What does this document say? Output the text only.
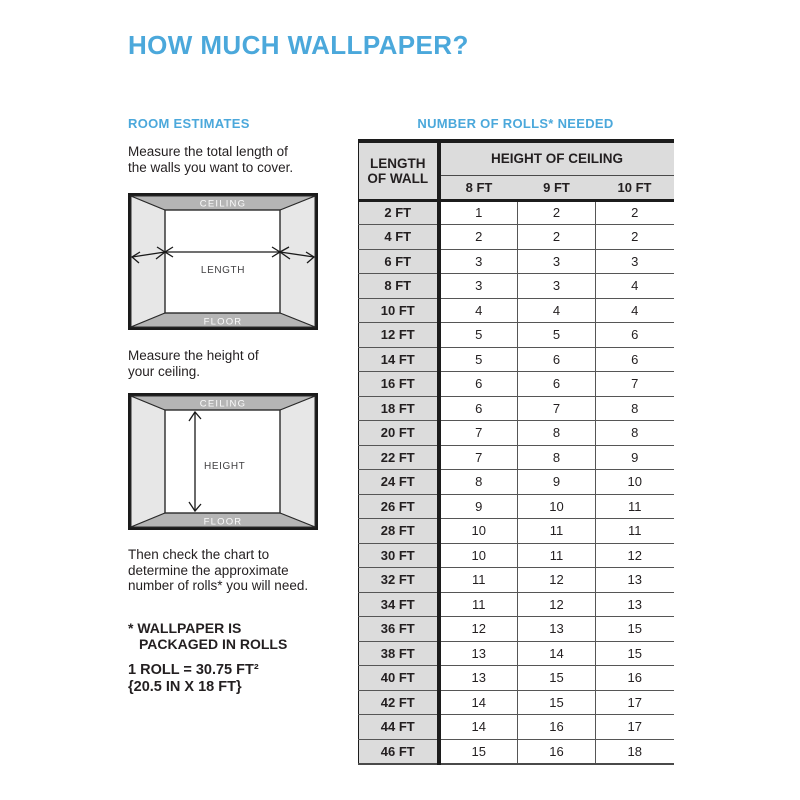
HOW MUCH WALLPAPER?
ROOM ESTIMATES	NUMBER OF ROLLS* NEEDED

Measure the total length of
the walls you want to cover.

CEILING
FLOOR
LENGTH

Measure the height of
your ceiling.

CEILING
FLOOR
HEIGHT

Then check the chart to
determine the approximate
number of rolls* you will need.

* WALLPAPER IS
PACKAGED IN ROLLS

1 ROLL = 30.75 FT²
{20.5 IN X 18 FT}

LENGTH
OF WALL	HEIGHT OF CEILING		
	8 FT	9 FT	10 FT
2 FT	1	2	2
4 FT	2	2	2
6 FT	3	3	3
8 FT	3	3	4
10 FT	4	4	4
12 FT	5	5	6
14 FT	5	6	6
16 FT	6	6	7
18 FT	6	7	8
20 FT	7	8	8
22 FT	7	8	9
24 FT	8	9	10
26 FT	9	10	11
28 FT	10	11	11
30 FT	10	11	12
32 FT	11	12	13
34 FT	11	12	13
36 FT	12	13	15
38 FT	13	14	15
40 FT	13	15	16
42 FT	14	15	17
44 FT	14	16	17
46 FT	15	16	18
